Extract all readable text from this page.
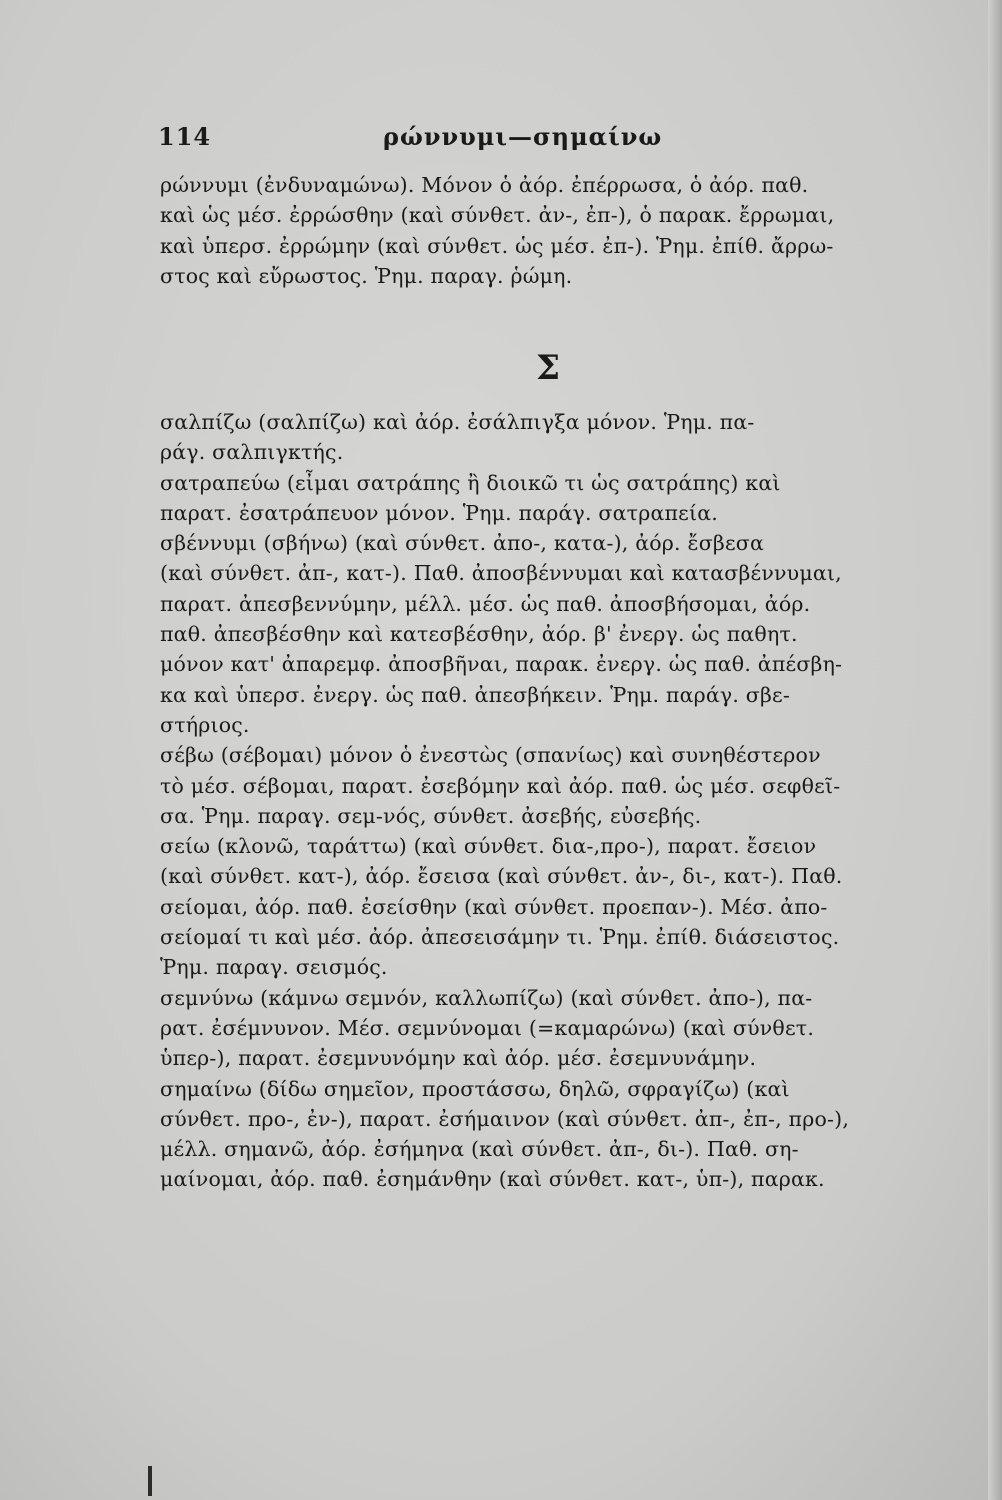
114	ρώννυμι—σημαίνω
ρώννυμι (ἐνδυναμώνω). Μόνον ὁ ἀόρ. ἐπέρρωσα, ὁ ἀόρ. παθ.
καὶ ὡς μέσ. ἐρρώσθην (καὶ σύνθετ. ἀν-, ἐπ-), ὁ παρακ. ἔρρωμαι,
καὶ ὑπερσ. ἐρρώμην (καὶ σύνθετ. ὡς μέσ. ἐπ-). Ῥημ. ἐπίθ. ἄρρω-
στος καὶ εὔρωστος. Ῥημ. παραγ. ῥώμη.
Σ
σαλπίζω (σαλπίζω) καὶ ἀόρ. ἐσάλπιγξα μόνον. Ῥημ. πα-
ράγ. σαλπιγκτής.
σατραπεύω (εἶμαι σατράπης ἢ διοικῶ τι ὡς σατράπης) καὶ
παρατ. ἐσατράπευον μόνον. Ῥημ. παράγ. σατραπεία.
σβέννυμι (σβήνω) (καὶ σύνθετ. ἀπο-, κατα-), ἀόρ. ἔσβεσα
(καὶ σύνθετ. ἀπ-, κατ-). Παθ. ἀποσβέννυμαι καὶ κατασβέννυμαι,
παρατ. ἀπεσβεννύμην, μέλλ. μέσ. ὡς παθ. ἀποσβήσομαι, ἀόρ.
παθ. ἀπεσβέσθην καὶ κατεσβέσθην, ἀόρ. β' ἐνεργ. ὡς παθητ.
μόνον κατ' ἀπαρεμφ. ἀποσβῆναι, παρακ. ἐνεργ. ὡς παθ. ἀπέσβη-
κα καὶ ὑπερσ. ἐνεργ. ὡς παθ. ἀπεσβήκειν. Ῥημ. παράγ. σβε-
στήριος.
σέβω (σέβομαι) μόνον ὁ ἐνεστὼς (σπανίως) καὶ συνηθέστερον
τὸ μέσ. σέβομαι, παρατ. ἐσεβόμην καὶ ἀόρ. παθ. ὡς μέσ. σεφθεῖ-
σα. Ῥημ. παραγ. σεμ-νός, σύνθετ. ἀσεβής, εὐσεβής.
σείω (κλονῶ, ταράττω) (καὶ σύνθετ. δια-,προ-), παρατ. ἔσειον
(καὶ σύνθετ. κατ-), ἀόρ. ἔσεισα (καὶ σύνθετ. ἀν-, δι-, κατ-). Παθ.
σείομαι, ἀόρ. παθ. ἐσείσθην (καὶ σύνθετ. προεπαν-). Μέσ. ἀπο-
σείομαί τι καὶ μέσ. ἀόρ. ἀπεσεισάμην τι. Ῥημ. ἐπίθ. διάσειστος.
Ῥημ. παραγ. σεισμός.
σεμνύνω (κάμνω σεμνόν, καλλωπίζω) (καὶ σύνθετ. ἀπο-), πα-
ρατ. ἐσέμνυνον. Μέσ. σεμνύνομαι (=καμαρώνω) (καὶ σύνθετ.
ὑπερ-), παρατ. ἐσεμνυνόμην καὶ ἀόρ. μέσ. ἐσεμνυνάμην.
σημαίνω (δίδω σημεῖον, προστάσσω, δηλῶ, σφραγίζω) (καὶ
σύνθετ. προ-, ἐν-), παρατ. ἐσήμαινον (καὶ σύνθετ. ἀπ-, ἐπ-, προ-),
μέλλ. σημανῶ, ἀόρ. ἐσήμηνα (καὶ σύνθετ. ἀπ-, δι-). Παθ. ση-
μαίνομαι, ἀόρ. παθ. ἐσημάνθην (καὶ σύνθετ. κατ-, ὑπ-), παρακ.
